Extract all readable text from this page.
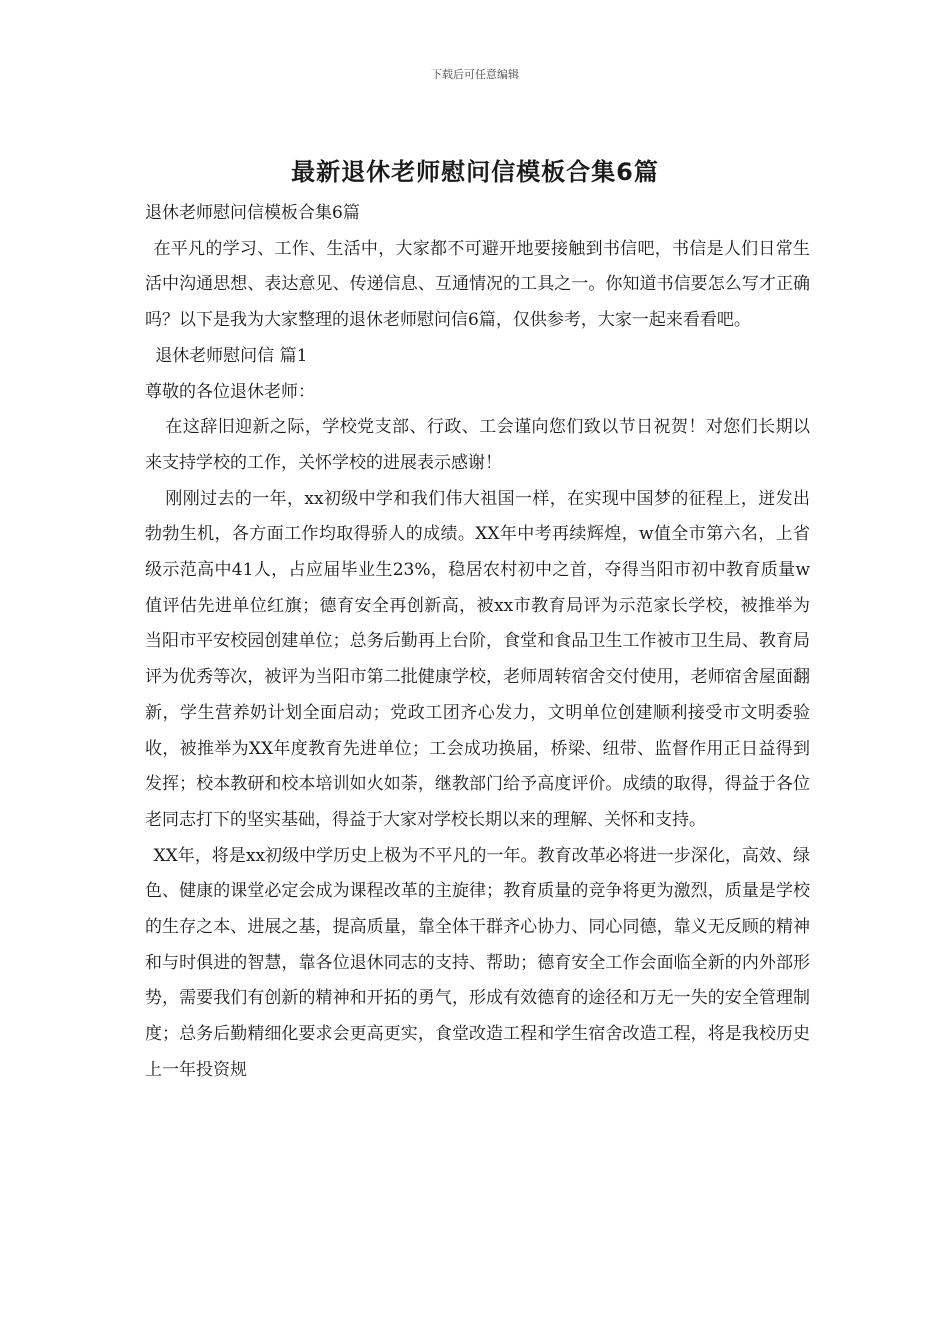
下载后可任意编辑
最新退休老师慰问信模板合集6篇

退休老师慰问信模板合集6篇

在平凡的学习、工作、生活中，大家都不可避开地要接触到书信吧，书信是人们日常生活中沟通思想、表达意见、传递信息、互通情况的工具之一。你知道书信要怎么写才正确吗？以下是我为大家整理的退休老师慰问信6篇，仅供参考，大家一起来看看吧。

退休老师慰问信 篇1

尊敬的各位退休老师：

在这辞旧迎新之际，学校党支部、行政、工会谨向您们致以节日祝贺！对您们长期以来支持学校的工作，关怀学校的进展表示感谢！

刚刚过去的一年，xx初级中学和我们伟大祖国一样，在实现中国梦的征程上，迸发出勃勃生机，各方面工作均取得骄人的成绩。XX年中考再续辉煌，w值全市第六名，上省级示范高中41人，占应届毕业生23%，稳居农村初中之首，夺得当阳市初中教育质量w值评估先进单位红旗；德育安全再创新高，被xx市教育局评为示范家长学校，被推举为当阳市平安校园创建单位；总务后勤再上台阶，食堂和食品卫生工作被市卫生局、教育局评为优秀等次，被评为当阳市第二批健康学校，老师周转宿舍交付使用，老师宿舍屋面翻新，学生营养奶计划全面启动；党政工团齐心发力，文明单位创建顺利接受市文明委验收，被推举为XX年度教育先进单位；工会成功换届，桥梁、纽带、监督作用正日益得到发挥；校本教研和校本培训如火如荼，继教部门给予高度评价。成绩的取得，得益于各位老同志打下的坚实基础，得益于大家对学校长期以来的理解、关怀和支持。

XX年，将是xx初级中学历史上极为不平凡的一年。教育改革必将进一步深化，高效、绿色、健康的课堂必定会成为课程改革的主旋律；教育质量的竞争将更为激烈，质量是学校的生存之本、进展之基，提高质量，靠全体干群齐心协力、同心同德，靠义无反顾的精神和与时俱进的智慧，靠各位退休同志的支持、帮助；德育安全工作会面临全新的内外部形势，需要我们有创新的精神和开拓的勇气，形成有效德育的途径和万无一失的安全管理制度；总务后勤精细化要求会更高更实，食堂改造工程和学生宿舍改造工程，将是我校历史上一年投资规
